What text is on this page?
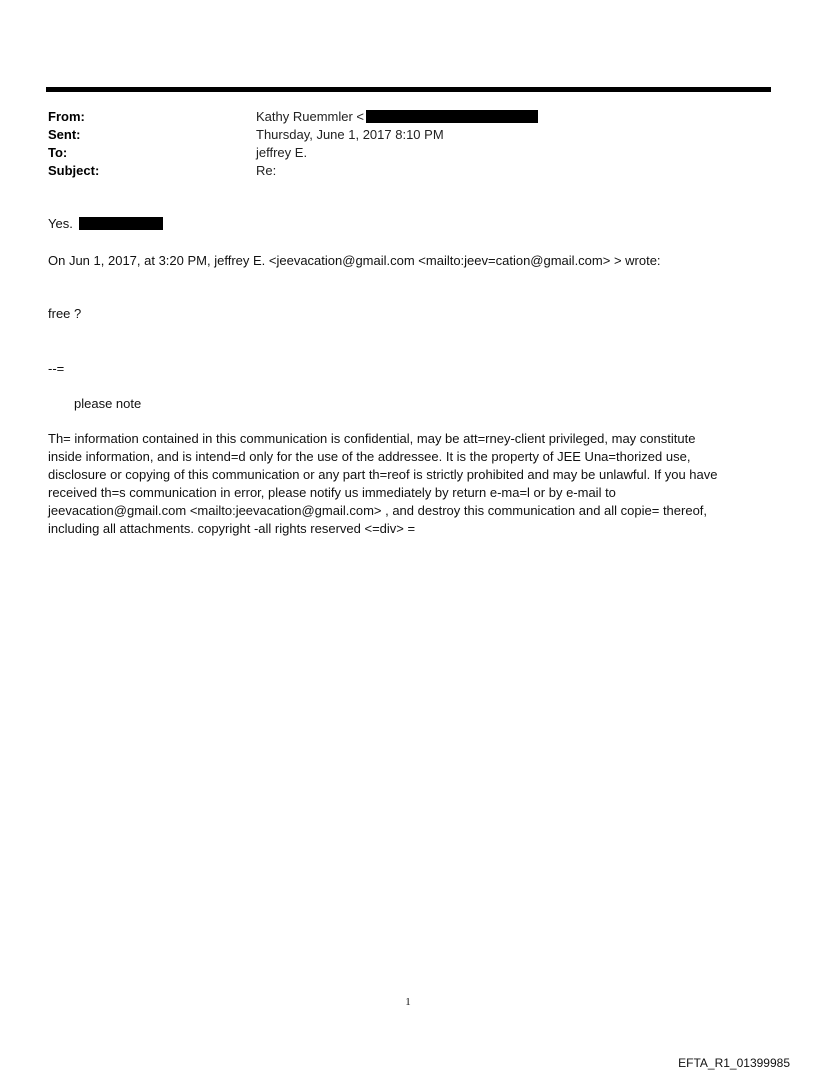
From:	Kathy Ruemmler <
Sent:	Thursday, June 1, 2017 8:10 PM
To:	jeffrey E.
Subject:	Re:
Yes.
On Jun 1, 2017, at 3:20 PM, jeffrey E. <jeevacation@gmail.com <mailto:jeev=cation@gmail.com> > wrote:
free ?
--=
please note
Th= information contained in this communication is confidential, may be att=rney-client privileged, may constitute
inside information, and is intend=d only for the use of the addressee. It is the property of JEE Una=thorized use,
disclosure or copying of this communication or any part th=reof is strictly prohibited and may be unlawful. If you have
received th=s communication in error, please notify us immediately by return e-ma=l or by e-mail to
jeevacation@gmail.com <mailto:jeevacation@gmail.com> , and destroy this communication and all copie= thereof,
including all attachments. copyright -all rights reserved <=div> =
1
EFTA_R1_01399985
